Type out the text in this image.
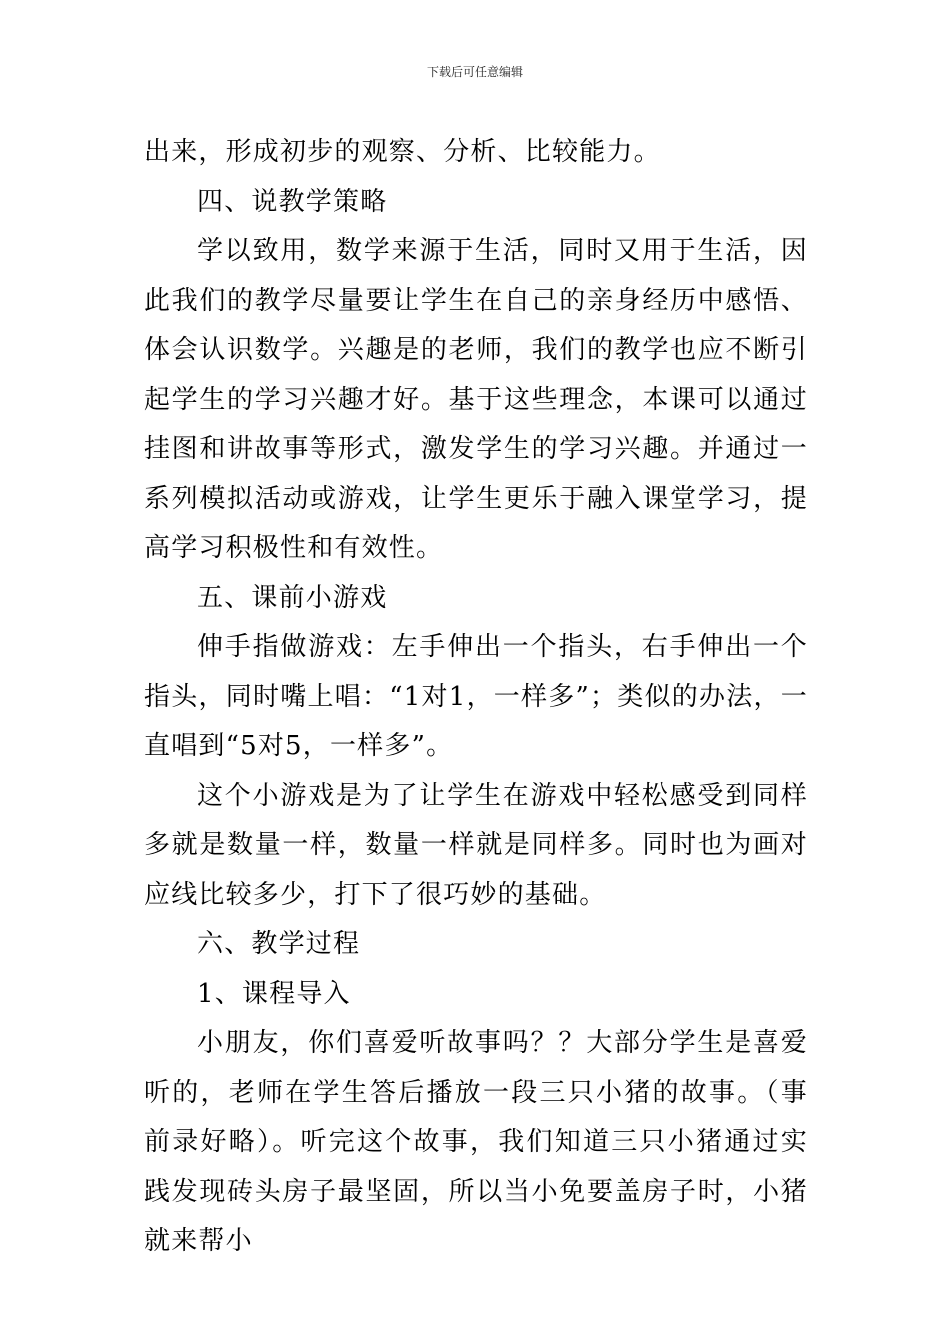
下载后可任意编辑

出来，形成初步的观察、分析、比较能力。

四、说教学策略

学以致用，数学来源于生活，同时又用于生活，因此我们的教学尽量要让学生在自己的亲身经历中感悟、体会认识数学。兴趣是的老师，我们的教学也应不断引起学生的学习兴趣才好。基于这些理念，本课可以通过挂图和讲故事等形式，激发学生的学习兴趣。并通过一系列模拟活动或游戏，让学生更乐于融入课堂学习，提高学习积极性和有效性。

五、课前小游戏

伸手指做游戏：左手伸出一个指头，右手伸出一个指头，同时嘴上唱：“1对1，一样多”；类似的办法，一直唱到“5对5，一样多”。

这个小游戏是为了让学生在游戏中轻松感受到同样多就是数量一样，数量一样就是同样多。同时也为画对应线比较多少，打下了很巧妙的基础。

六、教学过程

1、课程导入

小朋友，你们喜爱听故事吗？？大部分学生是喜爱听的，老师在学生答后播放一段三只小猪的故事。（事前录好略）。听完这个故事，我们知道三只小猪通过实践发现砖头房子最坚固，所以当小免要盖房子时，小猪就来帮小
